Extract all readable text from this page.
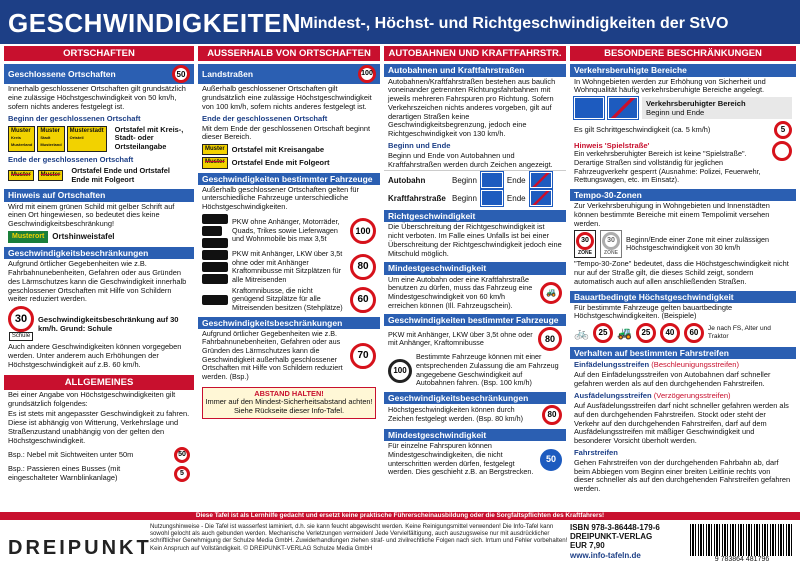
GESCHWINDIGKEITEN
Mindest-, Höchst- und Richtgeschwindigkeiten der StVO
ORTSCHAFTEN
Geschlossene Ortschaften	50
Innerhalb geschlossener Ortschaften gilt grundsätzlich eine zulässige Höchstgeschwindigkeit von 50 km/h, sofern nichts anderes festgelegt ist.
Beginn der geschlossenen Ortschaft
Muster
Kreis Musterland
Muster
Stadt Musterland
Musterstadt
Ortsteil
Ortstafel mit Kreis-, Stadt- oder Ortsteilangabe
Ende der geschlossenen Ortschaft
Muster	Muster
Ortstafel Ende und Ortstafel Ende mit Folgeort
Hinweis auf Ortschaften
Wird mit einem grünen Schild mit gelber Schrift auf einen Ort hingewiesen, so bedeutet dies keine Geschwindigkeitsbeschränkung!
Musterort	Ortshinweistafel
Geschwindigkeitsbeschränkungen
Aufgrund örtlicher Gegebenheiten wie z.B. Fahrbahnunebenheiten, Gefahren oder aus Gründen des Lärmschutzes kann die Geschwindigkeit innerhalb geschlossener Ortschaften mit Hilfe von Schildern weiter reduziert werden.
30
Schule
Geschwindigkeitsbeschränkung auf 30 km/h. Grund: Schule
Auch andere Geschwindigkeiten können vorgegeben werden. Unter anderem auch Erhöhungen der Höchstgeschwindigkeit auf z.B. 60 km/h.
ALLGEMEINES
Bei einer Angabe von Höchstgeschwindigkeiten gilt grundsätzlich folgendes:
Es ist stets mit angepasster Geschwindigkeit zu fahren. Diese ist abhängig von Witterung, Verkehrslage und Straßenzustand unabhängig von der gelten den Höchstgeschwindigkeit.
Bsp.: Nebel mit Sichtweiten unter 50m	50
Bsp.: Passieren eines Busses (mit eingeschalteter Warnblinkanlage)	5
AUSSERHALB VON ORTSCHAFTEN
Landstraßen	100
Außerhalb geschlossener Ortschaften gilt grundsätzlich eine zulässige Höchstgeschwindigkeit von 100 km/h, sofern nichts anderes festgelegt ist.
Ende der geschlossenen Ortschaft
Mit dem Ende der geschlossenen Ortschaft beginnt dieser Bereich.
Muster Ortstafel mit Kreisangabe
Muster Ortstafel Ende mit Folgeort
Geschwindigkeiten bestimmter Fahrzeuge
Außerhalb geschlossener Ortschaften gelten für unterschiedliche Fahrzeuge unterschiedliche Höchstgeschwindigkeiten.
PKW ohne Anhänger, Motorräder, Quads, Trikes sowie Lieferwagen und Wohnmobile bis max 3,5t
100
PKW mit Anhänger, LKW über 3,5t ohne oder mit Anhänger
Kraftomnibusse mit Sitzplätzen für alle Mitreisenden
80
Kraftomnibusse, die nicht genügend Sitzplätze für alle Mitreisenden besitzen (Stehplätze)
60
Geschwindigkeitsbeschränkungen
Aufgrund örtlicher Gegebenheiten wie z.B. Fahrbahnunebenheiten, Gefahren oder aus Gründen des Lärmschutzes kann die Geschwindigkeit außerhalb geschlossener Ortschaften mit Hilfe von Schildern reduziert werden. (Bsp.)
70
ABSTAND HALTEN!
Immer auf den Mindest-Sicherheitsabstand achten! Siehe Rückseite dieser Info-Tafel.
AUTOBAHNEN UND KRAFTFAHRSTR.
Autobahnen und Kraftfahrstraßen
Autobahnen/Kraftfahrstraßen bestehen aus baulich voneinander getrennten Richtungsfahrbahnen mit jeweils mehreren Fahrspuren pro Richtung. Sofern Verkehrszeichen nichts anderes vorgeben, gilt auf derartigen Straßen keine Geschwindigkeitsbegrenzung, jedoch eine Richtgeschwindigkeit von 130 km/h.
Beginn und Ende
Beginn und Ende von Autobahnen und Kraftfahrstraßen werden durch Zeichen angezeigt.
Autobahn	Beginn	Ende
Kraftfahrstraße Beginn	Ende
Richtgeschwindigkeit
Die Überschreitung der Richtgeschwindigkeit ist nicht verboten. Im Falle eines Unfalls ist bei einer Überschreitung der Richtgeschwindigkeit jedoch eine Mitschuld möglich.
Mindestgeschwindigkeit
Um eine Autobahn oder eine Kraftfahrstraße benutzen zu dürfen, muss das Fahrzeug eine Mindestgeschwindigkeit von 60 km/h erreichen können (Ill. Fahrzeugschein).
🚜
Geschwindigkeiten bestimmter Fahrzeuge
PKW mit Anhänger, LKW über 3,5t ohne oder mit Anhänger, Kraftomnibusse	80
100
Bestimmte Fahrzeuge können mit einer entsprechenden Zulassung die am Fahrzeug angegebene Geschwindigkeit auf Autobahnen fahren. (Bsp. 100 km/h)
Geschwindigkeitsbeschränkungen
Höchstgeschwindigkeiten können durch Zeichen festgelegt werden. (Bsp. 80 km/h)	80
Mindestgeschwindigkeit
Für einzelne Fahrspuren können Mindestgeschwindigkeiten, die nicht unterschritten werden dürfen, festgelegt werden. Dies geschieht z.B. an Bergstrecken.
50
BESONDERE BESCHRÄNKUNGEN
Verkehrsberuhigte Bereiche
In Wohngebieten werden zur Erhöhung von Sicherheit und Wohnqualität häufig verkehrsberuhigte Bereiche angelegt.
Verkehrsberuhigter Bereich
Beginn und Ende
Es gilt Schrittgeschwindigkeit (ca. 5 km/h)	5
Hinweis 'Spielstraße'
Ein verkehrsberuhigter Bereich ist keine "Spielstraße". Derartige Straßen sind vollständig für jeglichen Fahrzeugverkehr gesperrt (Ausnahme: Polizei, Feuerwehr, Rettungswagen, etc. im Einsatz).
Tempo-30-Zonen
Zur Verkehrsberuhigung in Wohngebieten und Innenstädten können bestimmte Bereiche mit einem Tempolimit versehen werden.
30
ZONE
30
ZONE
Beginn/Ende einer Zone mit einer zulässigen Höchstgeschwindigkeit von 30 km/h
"Tempo-30-Zone" bedeutet, dass die Höchstgeschwindigkeit nicht nur auf der Straße gilt, die dieses Schild zeigt, sondern automatisch auch auf allen anschließenden Straßen.
Bauartbedingte Höchstgeschwindigkeit
Für bestimmte Fahrzeuge gelten bauartbedingte Höchstgeschwindigkeiten. (Beispiele)
🚲	25 🚜	25	40	60	Je nach FS, Alter und Traktor
Verhalten auf bestimmten Fahrstreifen
Einfädelungsstreifen (Beschleunigungsstreifen)
Auf den Einfädelungsstreifen von Autobahnen darf schneller gefahren werden als auf den durchgehenden Fahrstreifen.
Ausfädelungsstreifen (Verzögerungsstreifen)
Auf Ausfädelungsstreifen darf nicht schneller gefahren werden als auf den durchgehenden Fahrstreifen. Stockt oder steht der Verkehr auf den durchgehenden Fahrstreifen, darf auf dem Ausfädelungsstreifen mit mäßiger Geschwindigkeit und besonderer Vorsicht überholt werden.
Fahrstreifen
Gehen Fahrstreifen von der durchgehenden Fahrbahn ab, darf beim Abbiegen vom Beginn einer breiten Leitlinie rechts von dieser schneller als auf den durchgehenden Fahrstreifen gefahren werden.
Diese Tafel ist als Lernhilfe gedacht und ersetzt keine praktische Führerscheinausbildung oder die Sorgfaltspflichten des Kraftfahrers!
DREIPUNKT
Nutzungshinweise - Die Tafel ist wasserfest laminiert, d.h. sie kann feucht abgewischt werden. Keine Reinigungsmittel verwenden! Die Info-Tafel kann sowohl gelocht als auch gebunden werden. Mechanische Verletzungen vermeiden! Jede Vervielfältigung, auch auszugsweise nur mit ausdrücklicher schriftlicher Genehmigung der Schulze Media GmbH. Zuwiderhandlungen ziehen straf- und zivilrechtliche Folgen nach sich. Irrtum und Fehler vorbehalten! Kein Anspruch auf Vollständigkeit. © DREIPUNKT-VERLAG Schulze Media GmbH
ISBN 978-3-86448-179-6
DREIPUNKT-VERLAG
EUR 7,90
www.info-tafeln.de	9 783864 481796
